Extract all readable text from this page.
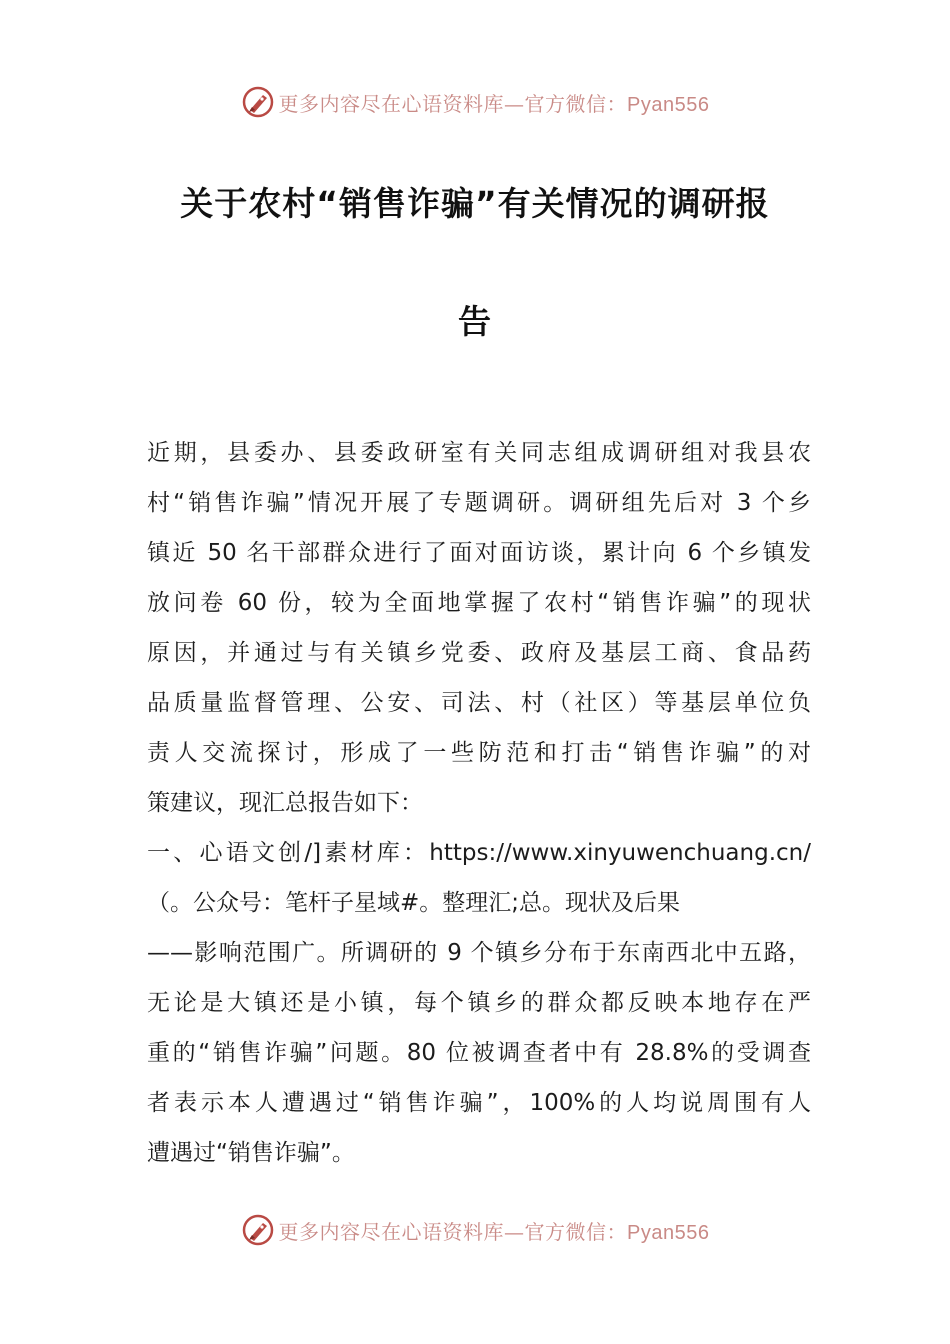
更多内容尽在心语资料库—官方微信：Pyan556
关于农村“销售诈骗”有关情况的调研报
告
近期，县委办、县委政研室有关同志组成调研组对我县农
村“销售诈骗”情况开展了专题调研。调研组先后对 3 个乡
镇近 50 名干部群众进行了面对面访谈，累计向 6 个乡镇发
放问卷 60 份，较为全面地掌握了农村“销售诈骗”的现状
原因，并通过与有关镇乡党委、政府及基层工商、食品药
品质量监督管理、公安、司法、村（社区）等基层单位负
责人交流探讨，形成了一些防范和打击“销售诈骗”的对
策建议，现汇总报告如下：
一、心语文创/]素材库：https://www.xinyuwenchuang.cn/
（。公众号：笔杆子星域#。整理汇;总。现状及后果
——影响范围广。所调研的 9 个镇乡分布于东南西北中五路，
无论是大镇还是小镇，每个镇乡的群众都反映本地存在严
重的“销售诈骗”问题。80 位被调查者中有 28.8%的受调查
者表示本人遭遇过“销售诈骗”，100%的人均说周围有人
遭遇过“销售诈骗”。
更多内容尽在心语资料库—官方微信：Pyan556
